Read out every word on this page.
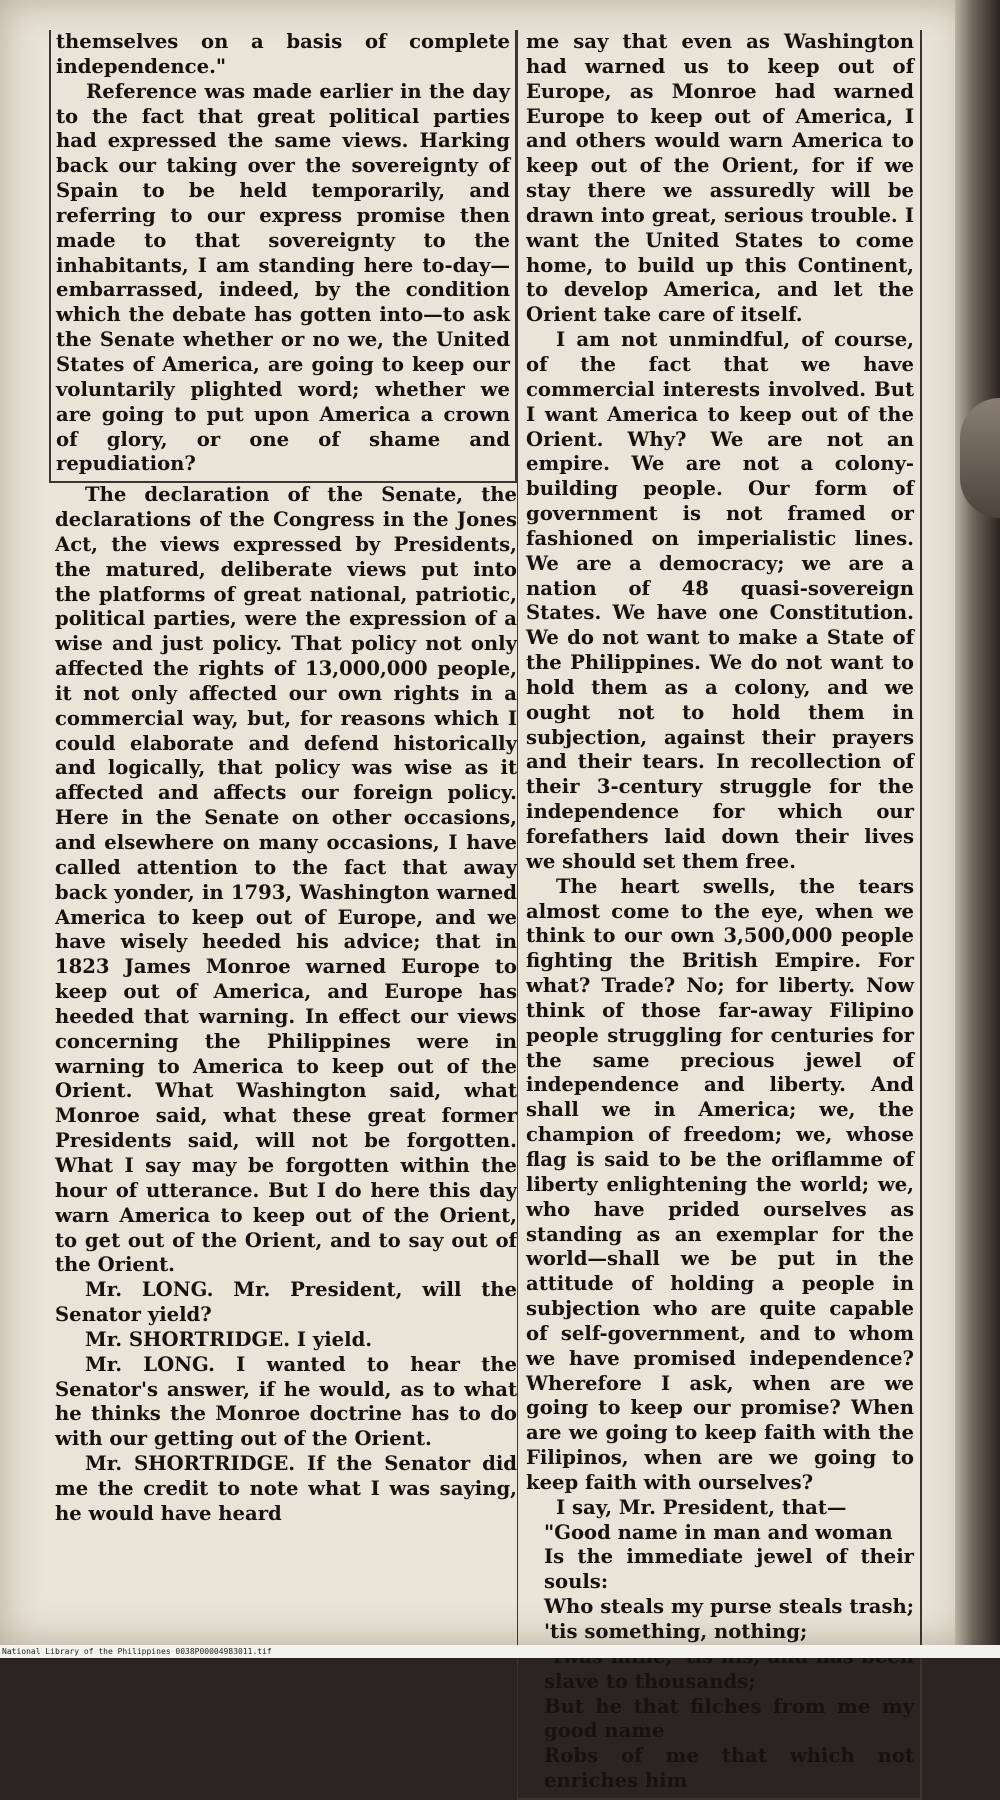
themselves on a basis of complete independence."

Reference was made earlier in the day to the fact that great political parties had expressed the same views. Harking back our taking over the sovereignty of Spain to be held temporarily, and referring to our express promise then made to that sovereignty to the inhabitants, I am standing here to-day—embarrassed, indeed, by the condition which the debate has gotten into—to ask the Senate whether or no we, the United States of America, are going to keep our voluntarily plighted word; whether we are going to put upon America a crown of glory, or one of shame and repudiation?

The declaration of the Senate, the declarations of the Congress in the Jones Act, the views expressed by Presidents, the matured, deliberate views put into the platforms of great national, patriotic, political parties, were the expression of a wise and just policy. That policy not only affected the rights of 13,000,000 people, it not only affected our own rights in a commercial way, but, for reasons which I could elaborate and defend historically and logically, that policy was wise as it affected and affects our foreign policy. Here in the Senate on other occasions, and elsewhere on many occasions, I have called attention to the fact that away back yonder, in 1793, Washington warned America to keep out of Europe, and we have wisely heeded his advice; that in 1823 James Monroe warned Europe to keep out of America, and Europe has heeded that warning. In effect our views concerning the Philippines were in warning to America to keep out of the Orient. What Washington said, what Monroe said, what these great former Presidents said, will not be forgotten. What I say may be forgotten within the hour of utterance. But I do here this day warn America to keep out of the Orient, to get out of the Orient, and to say out of the Orient.

Mr. LONG. Mr. President, will the Senator yield?

Mr. SHORTRIDGE. I yield.

Mr. LONG. I wanted to hear the Senator's answer, if he would, as to what he thinks the Monroe doctrine has to do with our getting out of the Orient.

Mr. SHORTRIDGE. If the Senator did me the credit to note what I was saying, he would have heard

me say that even as Washington had warned us to keep out of Europe, as Monroe had warned Europe to keep out of America, I and others would warn America to keep out of the Orient, for if we stay there we assuredly will be drawn into great, serious trouble. I want the United States to come home, to build up this Continent, to develop America, and let the Orient take care of itself.

I am not unmindful, of course, of the fact that we have commercial interests involved. But I want America to keep out of the Orient. Why? We are not an empire. We are not a colony-building people. Our form of government is not framed or fashioned on imperialistic lines. We are a democracy; we are a nation of 48 quasi-sovereign States. We have one Constitution. We do not want to make a State of the Philippines. We do not want to hold them as a colony, and we ought not to hold them in subjection, against their prayers and their tears. In recollection of their 3-century struggle for the independence for which our forefathers laid down their lives we should set them free.

The heart swells, the tears almost come to the eye, when we think to our own 3,500,000 people fighting the British Empire. For what? Trade? No; for liberty. Now think of those far-away Filipino people struggling for centuries for the same precious jewel of independence and liberty. And shall we in America; we, the champion of freedom; we, whose flag is said to be the oriflamme of liberty enlightening the world; we, who have prided ourselves as standing as an exemplar for the world—shall we be put in the attitude of holding a people in subjection who are quite capable of self-government, and to whom we have promised independence? Wherefore I ask, when are we going to keep our promise? When are we going to keep faith with the Filipinos, when are we going to keep faith with ourselves?

I say, Mr. President, that—

"Good name in man and woman

Is the immediate jewel of their souls:

Who steals my purse steals trash; 'tis something, nothing;

slave to thousands;

But he that filches from me my good name

Robs of me that which not enriches him

National Library of the Philippines 0038P00004983011.tif
